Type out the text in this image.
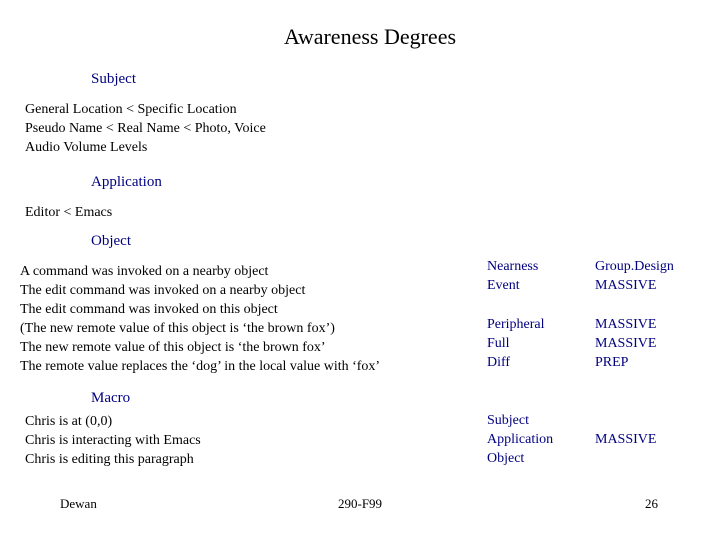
Awareness Degrees
Subject
General Location < Specific Location
Pseudo Name < Real Name < Photo, Voice
Audio Volume Levels
Application
Editor < Emacs
Object
A command was invoked on a nearby object
The edit command was invoked on a nearby object
The edit command was invoked on this object
(The new remote value of this object is ‘the brown fox’)
The new remote value of this object is ‘the brown fox’
The remote value replaces the ‘dog’ in the local value with ‘fox’
Macro
Chris is at (0,0)
Chris is interacting with Emacs
Chris is editing this paragraph
Nearness
Event
Group.Design
MASSIVE
Peripheral
Full
Diff
MASSIVE
MASSIVE
PREP
Subject
Application
Object
MASSIVE
Dewan	290-F99	26
